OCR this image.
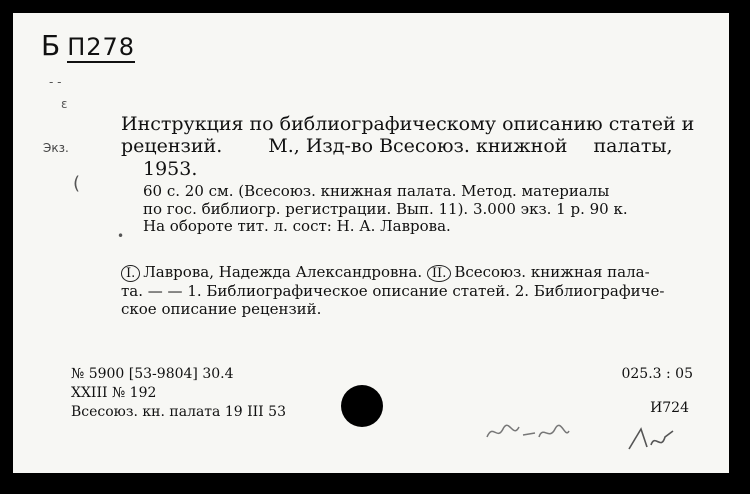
Б П278
- -
ε
Экз.
(
Инструкция по библиографическому описанию статей и
рецензий. М., Изд-во Всесоюз. книжной палаты,
1953.
60 с. 20 см. (Всесоюз. книжная палата. Метод. материалы
по гос. библиогр. регистрации. Вып. 11). 3.000 экз. 1 р. 90 к.
На обороте тит. л. сост: Н. А. Лаврова.
•
I. Лаврова, Надежда Александровна. II. Всесоюз. книжная пала-
та. — — 1. Библиографическое описание статей. 2. Библиографиче-
ское описание рецензий.
№ 5900 [53-9804] 30.4
XXIII № 192
Всесоюз. кн. палата 19 III 53
025.3 : 05
И724
